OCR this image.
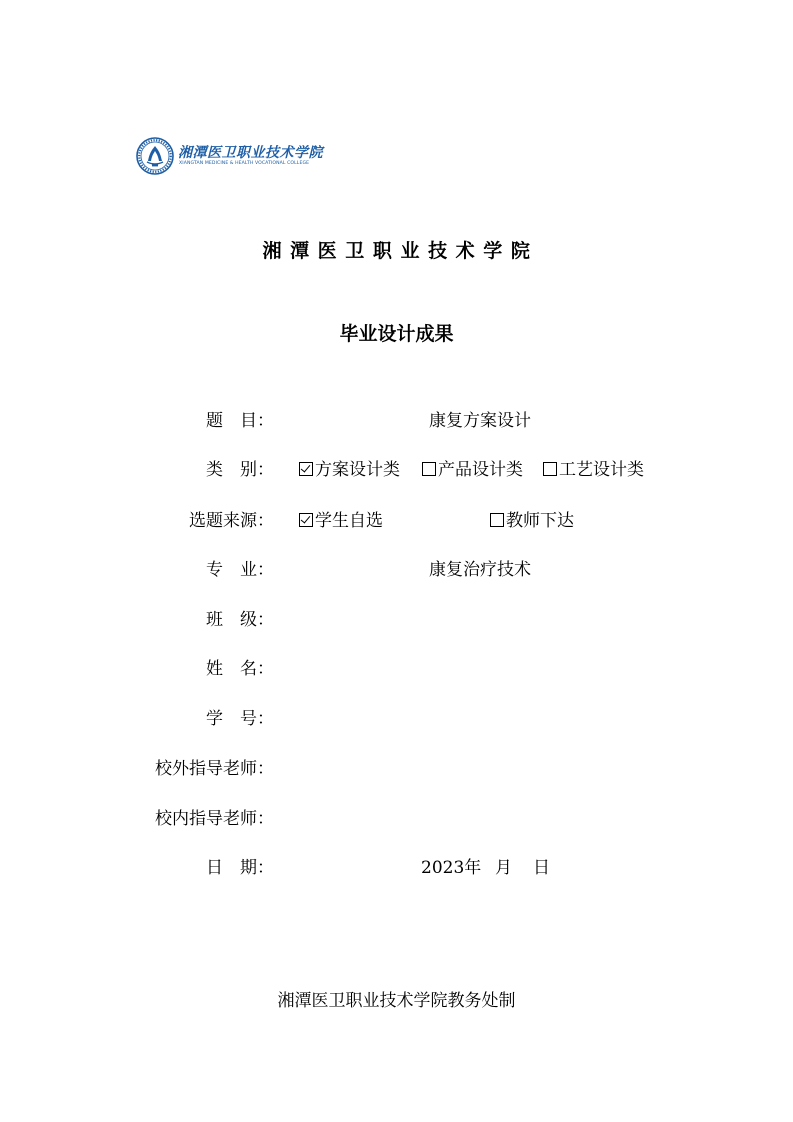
湘潭医卫职业技术学院
XIANGTAN MEDICINE & HEALTH VOCATIONAL COLLEGE
湘潭医卫职业技术学院
毕业设计成果
题　目：	康复方案设计
类　别：	方案设计类	产品设计类	工艺设计类
选题来源：	学生自选	教师下达
专　业：	康复治疗技术
班　级：
姓　名：
学　号：
校外指导老师：
校内指导老师：
日　期：	2023年 月 日
湘潭医卫职业技术学院教务处制
